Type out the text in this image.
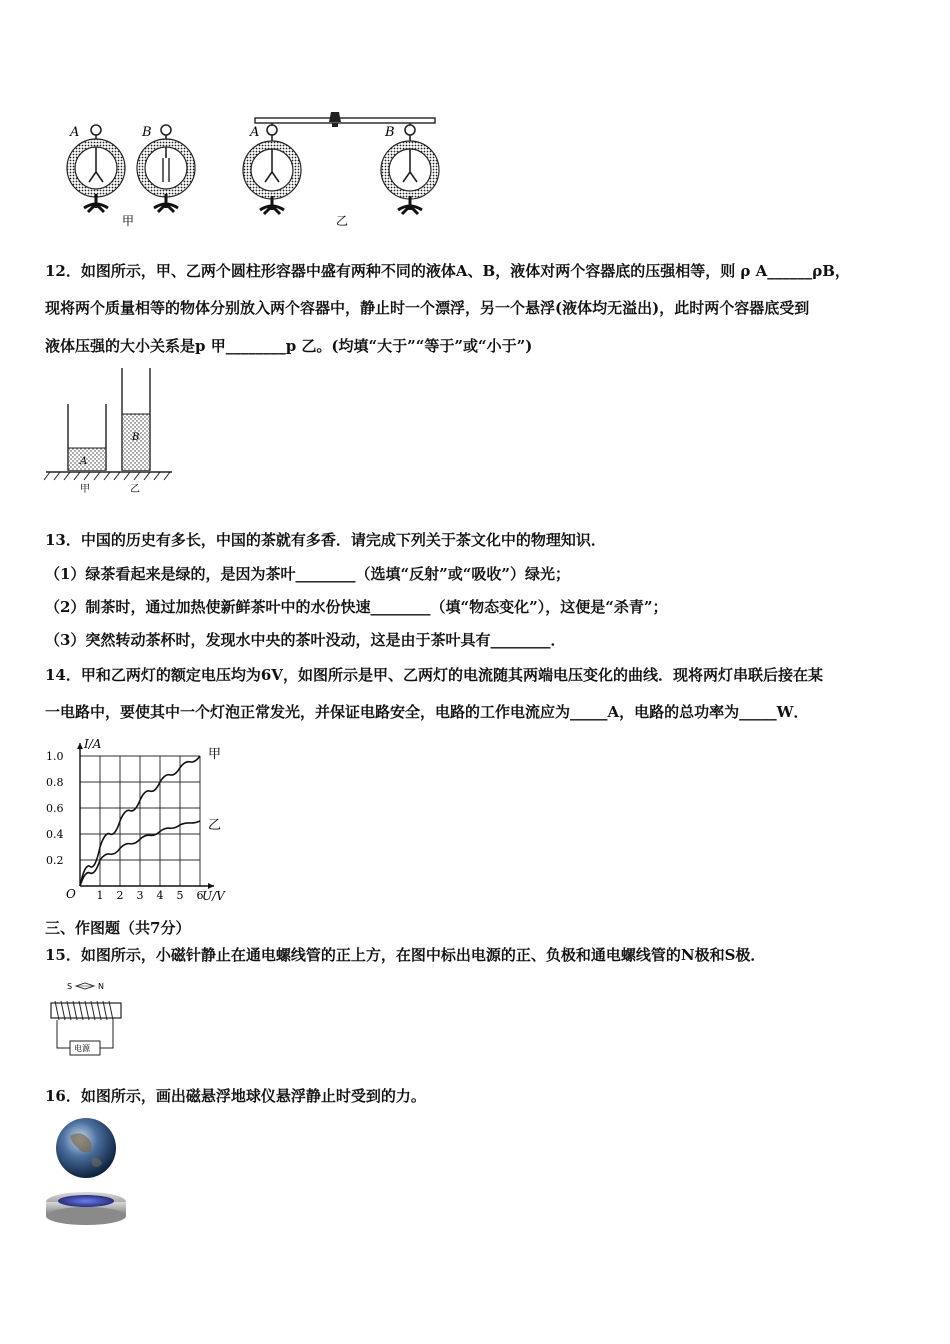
A	B
甲
A	B
乙
12．如图所示，甲、乙两个圆柱形容器中盛有两种不同的液体A、B，液体对两个容器底的压强相等，则 ρ A______ρB，
现将两个质量相等的物体分别放入两个容器中，静止时一个漂浮，另一个悬浮(液体均无溢出)，此时两个容器底受到
液体压强的大小关系是p 甲________p 乙。(均填“大于”“等于”或“小于”)
A
B
甲	乙
13．中国的历史有多长，中国的茶就有多香．请完成下列关于茶文化中的物理知识．
（1）绿茶看起来是绿的，是因为茶叶________（选填“反射”或“吸收”）绿光；
（2）制茶时，通过加热使新鲜茶叶中的水份快速________（填“物态变化”），这便是“杀青”；
（3）突然转动茶杯时，发现水中央的茶叶没动，这是由于茶叶具有________．
14．甲和乙两灯的额定电压均为6V，如图所示是甲、乙两灯的电流随其两端电压变化的曲线．现将两灯串联后接在某
一电路中，要使其中一个灯泡正常发光，并保证电路安全，电路的工作电流应为_____A，电路的总功率为_____W．
1.0
0.8
0.6
0.4
0.2
1 2 3 4 5 6
O
I/A
U/V
甲
乙
三、作图题（共7分）
15．如图所示，小磁针静止在通电螺线管的正上方，在图中标出电源的正、负极和通电螺线管的N极和S极．
S	N
电源
16．如图所示，画出磁悬浮地球仪悬浮静止时受到的力。
